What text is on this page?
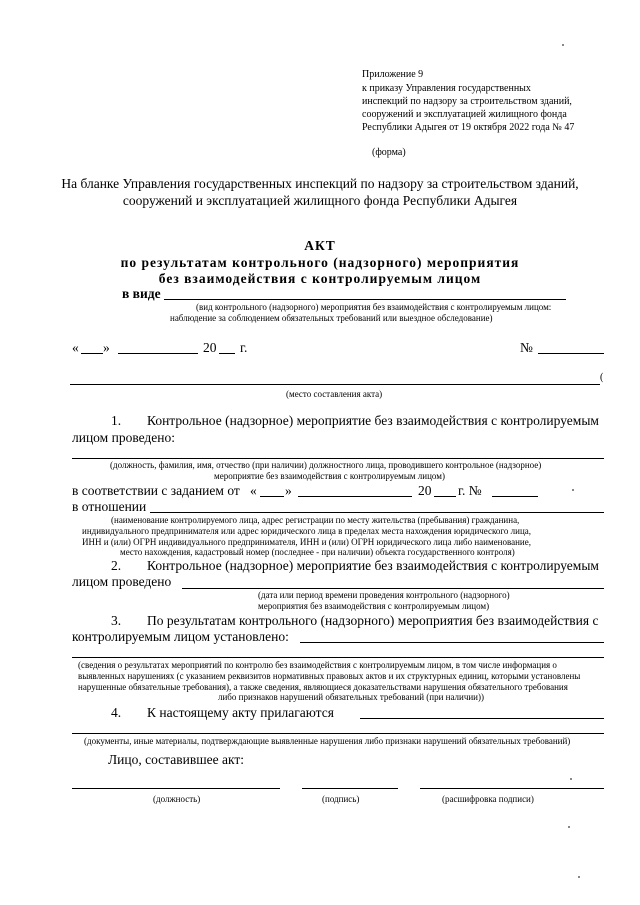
Приложение 9
к приказу Управления государственных
инспекций по надзору за строительством зданий,
сооружений и эксплуатацией жилищного фонда
Республики Адыгея от 19 октября 2022 года № 47
(форма)
На бланке Управления государственных инспекций по надзору за строительством зданий,
сооружений и эксплуатацией жилищного фонда Республики Адыгея
АКТ
по результатам контрольного (надзорного) мероприятия
без взаимодействия с контролируемым лицом
в виде
(вид контрольного (надзорного) мероприятия без взаимодействия с контролируемым лицом:
наблюдение за соблюдением обязательных требований или выездное обследование)
« »	20 г.	№
(
(место составления акта)
1. Контрольное (надзорное) мероприятие без взаимодействия с контролируемым
лицом проведено:
(должность, фамилия, имя, отчество (при наличии) должностного лица, проводившего контрольное (надзорное)
мероприятие без взаимодействия с контролируемым лицом)
в соответствии с заданием от « »	20 г. №
в отношении
(наименование контролируемого лица, адрес регистрации по месту жительства (пребывания) гражданина,
индивидуального предпринимателя или адрес юридического лица в пределах места нахождения юридического лица,
ИНН и (или) ОГРН индивидуального предпринимателя, ИНН и (или) ОГРН юридического лица либо наименование,
место нахождения, кадастровый номер (последнее - при наличии) объекта государственного контроля)
2. Контрольное (надзорное) мероприятие без взаимодействия с контролируемым
лицом проведено
(дата или период времени проведения контрольного (надзорного)
мероприятия без взаимодействия с контролируемым лицом)
3. По результатам контрольного (надзорного) мероприятия без взаимодействия с
контролируемым лицом установлено:
(сведения о результатах мероприятий по контролю без взаимодействия с контролируемым лицом, в том числе информация о
выявленных нарушениях (с указанием реквизитов нормативных правовых актов и их структурных единиц, которыми установлены
нарушенные обязательные требования), а также сведения, являющиеся доказательствами нарушения обязательного требования
либо признаков нарушений обязательных требований (при наличии))
4. К настоящему акту прилагаются
(документы, иные материалы, подтверждающие выявленные нарушения либо признаки нарушений обязательных требований)
Лицо, составившее акт:
(должность)	(подпись)	(расшифровка подписи)
